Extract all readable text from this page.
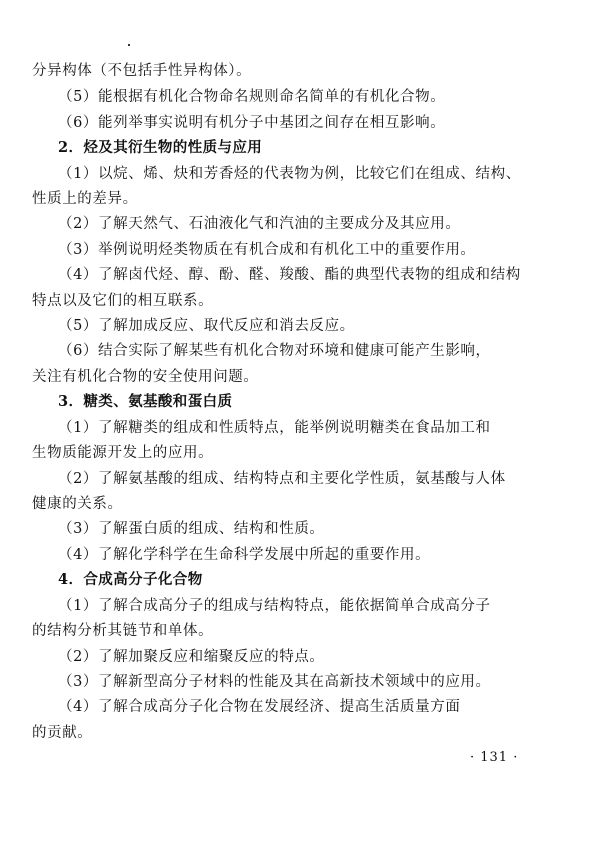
分异构体（不包括手性异构体）。
（5）能根据有机化合物命名规则命名简单的有机化合物。
（6）能列举事实说明有机分子中基团之间存在相互影响。
2．烃及其衍生物的性质与应用
（1）以烷、烯、炔和芳香烃的代表物为例，比较它们在组成、结构、
性质上的差异。
（2）了解天然气、石油液化气和汽油的主要成分及其应用。
（3）举例说明烃类物质在有机合成和有机化工中的重要作用。
（4）了解卤代烃、醇、酚、醛、羧酸、酯的典型代表物的组成和结构
特点以及它们的相互联系。
（5）了解加成反应、取代反应和消去反应。
（6）结合实际了解某些有机化合物对环境和健康可能产生影响，
关注有机化合物的安全使用问题。
3．糖类、氨基酸和蛋白质
（1）了解糖类的组成和性质特点，能举例说明糖类在食品加工和
生物质能源开发上的应用。
（2）了解氨基酸的组成、结构特点和主要化学性质，氨基酸与人体
健康的关系。
（3）了解蛋白质的组成、结构和性质。
（4）了解化学科学在生命科学发展中所起的重要作用。
4．合成高分子化合物
（1）了解合成高分子的组成与结构特点，能依据简单合成高分子
的结构分析其链节和单体。
（2）了解加聚反应和缩聚反应的特点。
（3）了解新型高分子材料的性能及其在高新技术领域中的应用。
（4）了解合成高分子化合物在发展经济、提高生活质量方面
的贡献。
· 131 ·
